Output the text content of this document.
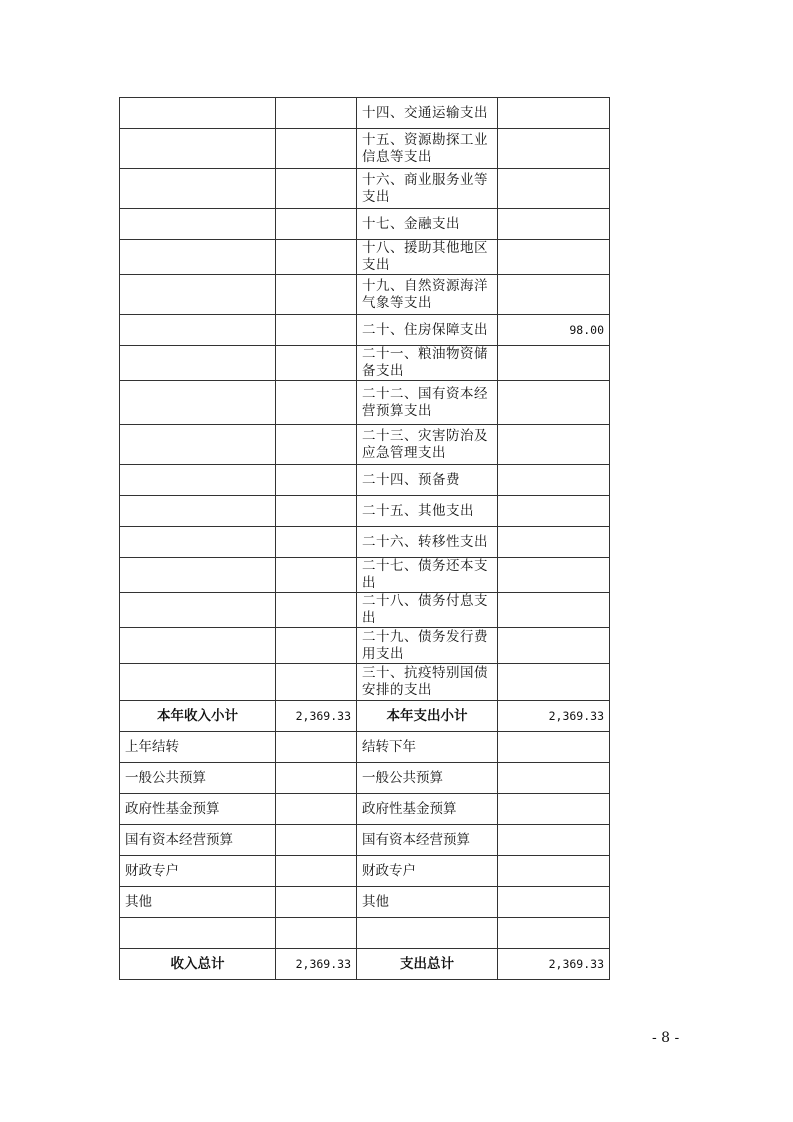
		十四、交通运输支出	
		十五、资源勘探工业信息等支出	
		十六、商业服务业等支出	
		十七、金融支出	
		十八、援助其他地区支出	
		十九、自然资源海洋气象等支出	
		二十、住房保障支出	98.00
		二十一、粮油物资储备支出	
		二十二、国有资本经营预算支出	
		二十三、灾害防治及应急管理支出	
		二十四、预备费	
		二十五、其他支出	
		二十六、转移性支出	
		二十七、债务还本支出	
		二十八、债务付息支出	
		二十九、债务发行费用支出	
		三十、抗疫特别国债安排的支出	
本年收入小计	2,369.33	本年支出小计	2,369.33
上年结转		结转下年	
一般公共预算		一般公共预算	
政府性基金预算		政府性基金预算	
国有资本经营预算		国有资本经营预算	
财政专户		财政专户	
其他		其他	

收入总计	2,369.33	支出总计	2,369.33
- 8 -
